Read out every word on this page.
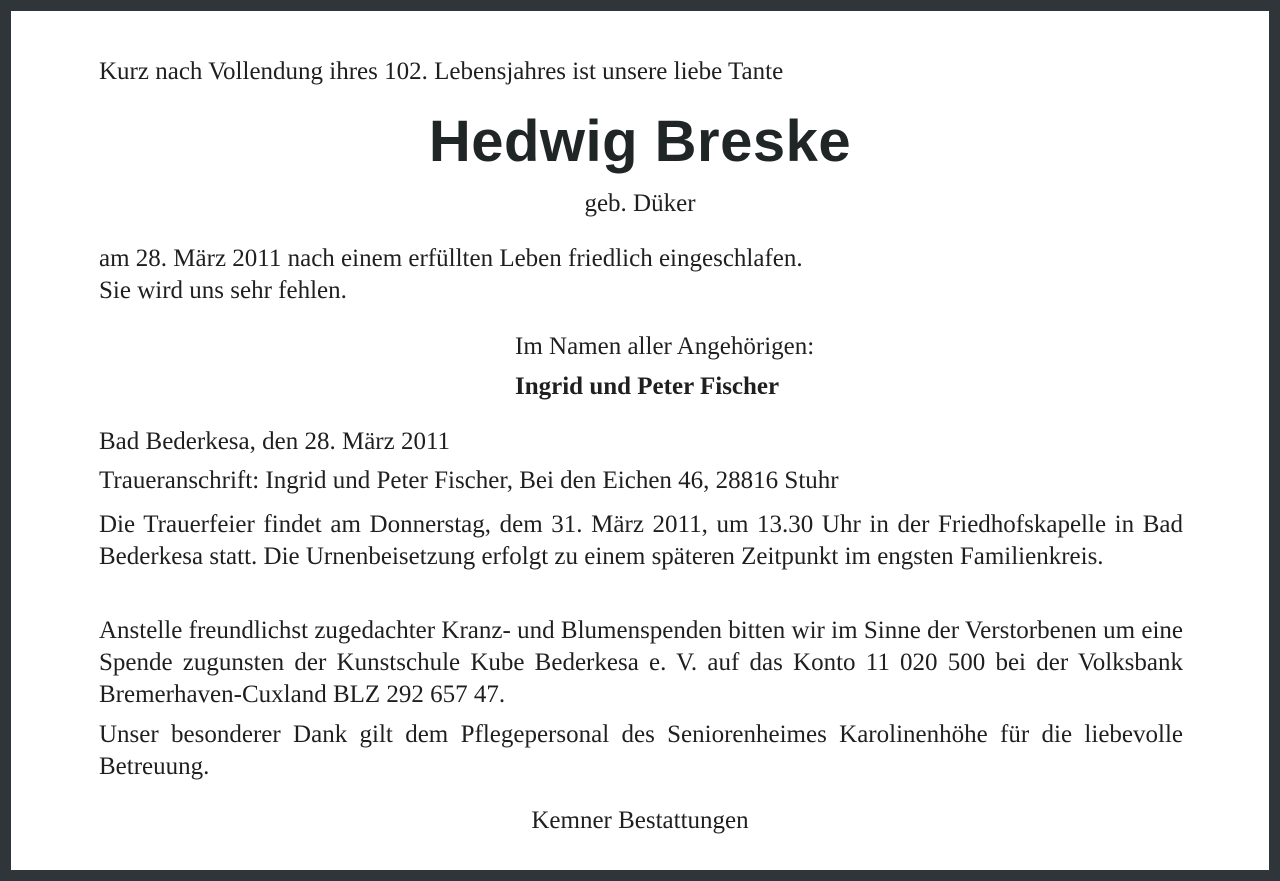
Kurz nach Vollendung ihres 102. Lebensjahres ist unsere liebe Tante
Hedwig Breske
geb. Düker
am 28. März 2011 nach einem erfüllten Leben friedlich eingeschlafen.
Sie wird uns sehr fehlen.
Im Namen aller Angehörigen:
Ingrid und Peter Fischer
Bad Bederkesa, den 28. März 2011
Traueranschrift: Ingrid und Peter Fischer, Bei den Eichen 46, 28816 Stuhr
Die Trauerfeier findet am Donnerstag, dem 31. März 2011, um 13.30 Uhr in der Friedhofskapelle in Bad Bederkesa statt. Die Urnenbeisetzung erfolgt zu einem späteren Zeitpunkt im engsten Familienkreis.
Anstelle freundlichst zugedachter Kranz- und Blumenspenden bitten wir im Sinne der Verstorbenen um eine Spende zugunsten der Kunstschule Kube Bederkesa e. V. auf das Konto 11 020 500 bei der Volksbank Bremerhaven-Cuxland BLZ 292 657 47.
Unser besonderer Dank gilt dem Pflegepersonal des Seniorenheimes Karolinenhöhe für die liebevolle Betreuung.
Kemner Bestattungen
